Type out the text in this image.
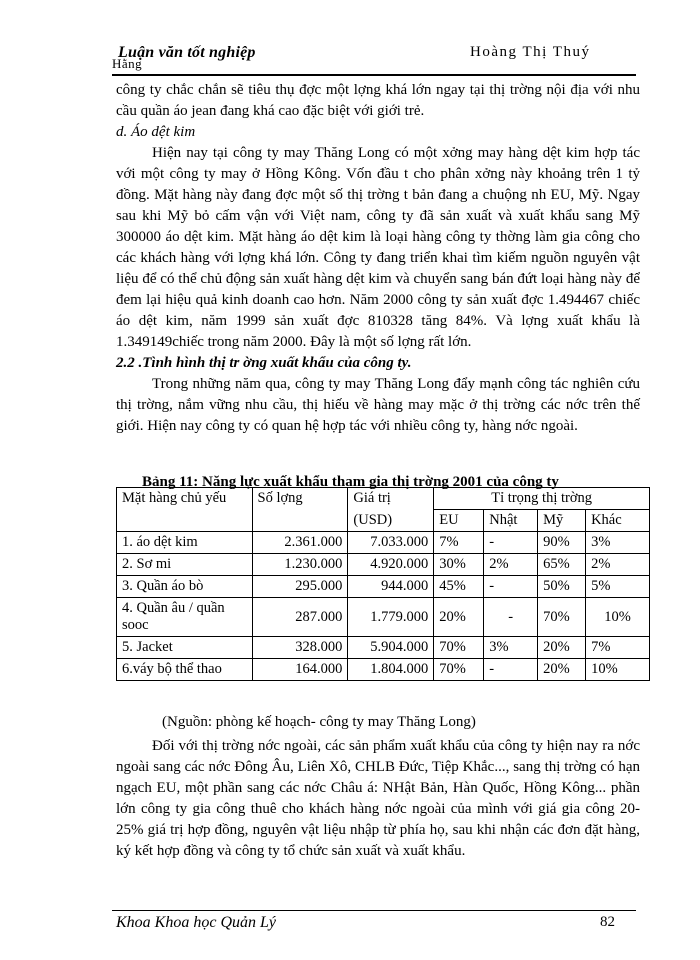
Luận văn tốt nghiệp	Hoàng Thị Thuý
Hằng

công ty chắc chắn sẽ tiêu thụ đợc một lợng khá lớn ngay tại thị trờng nội địa với nhu cầu quần áo jean đang khá cao đặc biệt với giới trẻ.

d. Áo dệt kim

Hiện nay tại công ty may Thăng Long có một xởng may hàng dệt kim hợp tác với một công ty may ở Hồng Kông. Vốn đầu t cho phân xởng này khoảng trên 1 tỷ đồng. Mặt hàng này đang đợc một số thị trờng t bản đang a chuộng nh EU, Mỹ. Ngay sau khi Mỹ bỏ cấm vận với Việt nam, công ty đã sản xuất và xuất khẩu sang Mỹ 300000 áo dệt kim. Mặt hàng áo dệt kim là loại hàng công ty thờng làm gia công cho các khách hàng với lợng khá lớn. Công ty đang triển khai tìm kiếm nguồn nguyên vật liệu để có thể chủ động sản xuất hàng dệt kim và chuyển sang bán đứt loại hàng này để đem lại hiệu quả kinh doanh cao hơn. Năm 2000 công ty sản xuất đợc 1.494467 chiếc áo dệt kim, năm 1999 sản xuất đợc 810328 tăng 84%. Và lợng xuất khẩu là 1.349149chiếc trong năm 2000. Đây là một số lợng rất lớn.

2.2 .Tình hình thị tr ờng xuất khẩu của công ty.

Trong những năm qua, công ty may Thăng Long đẩy mạnh công tác nghiên cứu thị trờng, nắm vững nhu cầu, thị hiếu về hàng may mặc ở thị trờng các nớc trên thế giới. Hiện nay công ty có quan hệ hợp tác với nhiều công ty, hàng nớc ngoài.

Bảng 11: Năng lực xuất khẩu tham gia thị trờng 2001 của công ty
Mặt hàng chủ yếu	Số lợng	Giá trị	Tỉ trọng thị trờng			
		(USD)	EU	Nhật	Mỹ	Khác
1. áo dệt kim	2.361.000	7.033.000	7%	-	90%	3%
2. Sơ mi	1.230.000	4.920.000	30%	2%	65%	2%
3. Quần áo bò	295.000	944.000	45%	-	50%	5%
4. Quần âu / quần sooc	287.000	1.779.000	20%	-	70%	10%
5. Jacket	328.000	5.904.000	70%	3%	20%	7%
6.váy bộ thể thao	164.000	1.804.000	70%	-	20%	10%
(Nguồn: phòng kế hoạch- công ty may Thăng Long)

Đối với thị trờng nớc ngoài, các sản phẩm xuất khẩu của công ty hiện nay ra nớc ngoài sang các nớc Đông Âu, Liên Xô, CHLB Đức, Tiệp Khắc..., sang thị trờng có hạn ngạch EU, một phần sang các nớc Châu á: NHật Bản, Hàn Quốc, Hồng Kông... phần lớn công ty gia công thuê cho khách hàng nớc ngoài của mình với giá gia công 20-25% giá trị hợp đồng, nguyên vật liệu nhập từ phía họ, sau khi nhận các đơn đặt hàng, ký kết hợp đồng và công ty tổ chức sản xuất và xuất khẩu.

Khoa Khoa học Quản Lý	82
